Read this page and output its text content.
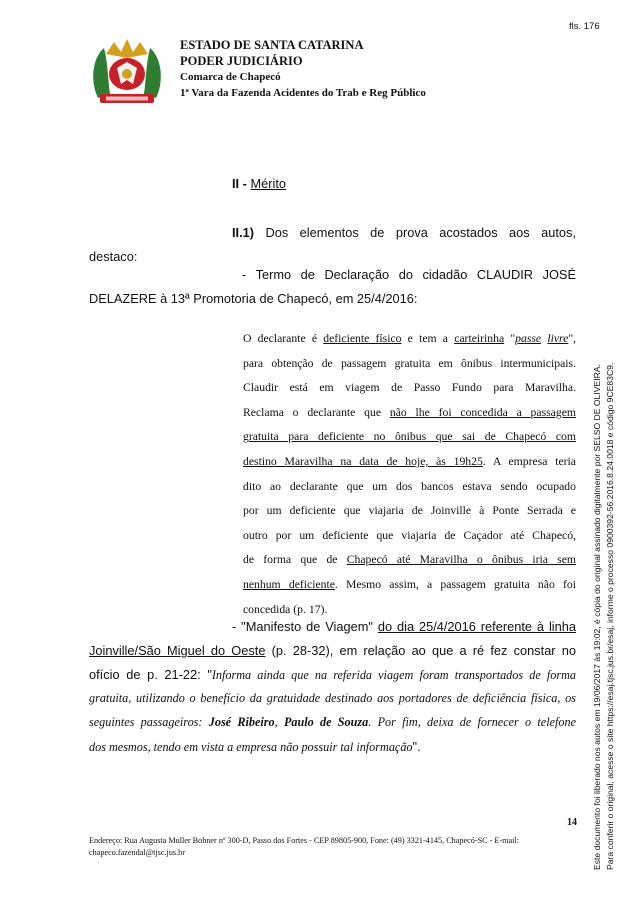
fls. 176
ESTADO DE SANTA CATARINA
PODER JUDICIÁRIO
Comarca de Chapecó
1ª Vara da Fazenda Acidentes do Trab e Reg Público
II - Mérito
II.1) Dos elementos de prova acostados aos autos,
destaco:
- Termo de Declaração do cidadão CLAUDIR JOSÉ
DELAZERE à 13ª Promotoria de Chapecó, em 25/4/2016:
O declarante é deficiente físico e tem a carteirinha "passe livre",
para obtenção de passagem gratuita em ônibus intermunicipais.
Claudir está em viagem de Passo Fundo para Maravilha.
Reclama o declarante que não lhe foi concedida a passagem
gratuita para deficiente no ônibus que sai de Chapecó com
destino Maravilha na data de hoje, às 19h25. A empresa teria
dito ao declarante que um dos bancos estava sendo ocupado
por um deficiente que viajaria de Joinville à Ponte Serrada e
outro por um deficiente que viajaria de Caçador até Chapecó,
de forma que de Chapecó até Maravilha o ônibus iria sem
nenhum deficiente. Mesmo assim, a passagem gratuita não foi
concedida (p. 17).
- "Manifesto de Viagem" do dia 25/4/2016 referente à linha
Joinville/São Miguel do Oeste (p. 28-32), em relação ao que a ré fez constar no
ofício de p. 21-22: "Informa ainda que na referida viagem foram transportados de forma
gratuita, utilizando o benefício da gratuidade destinado aos portadores de deficiência física, os
seguintes passageiros: José Ribeiro, Paulo de Souza. Por fim, deixa de fornecer o telefone
dos mesmos, tendo em vista a empresa não possuir tal informação".
14
Endereço: Rua Augusta Muller Bohner nº 300-D, Passo dos Fortes - CEP 89805-900, Fone: (49) 3321-4145, Chapecó-SC - E-mail:
chapeco.fazendal@tjsc.jus.br	Este documento foi liberado nos autos em 19/06/2017 às 19:02, é cópia do original assinado digitalmente por SELSO DE OLIVEIRA. Para conferir o original, acesse o site https://esaj.tjsc.jus.br/esaj, informe o processo 0900392-56.2016.8.24.0018 e código 9CE83C9.
